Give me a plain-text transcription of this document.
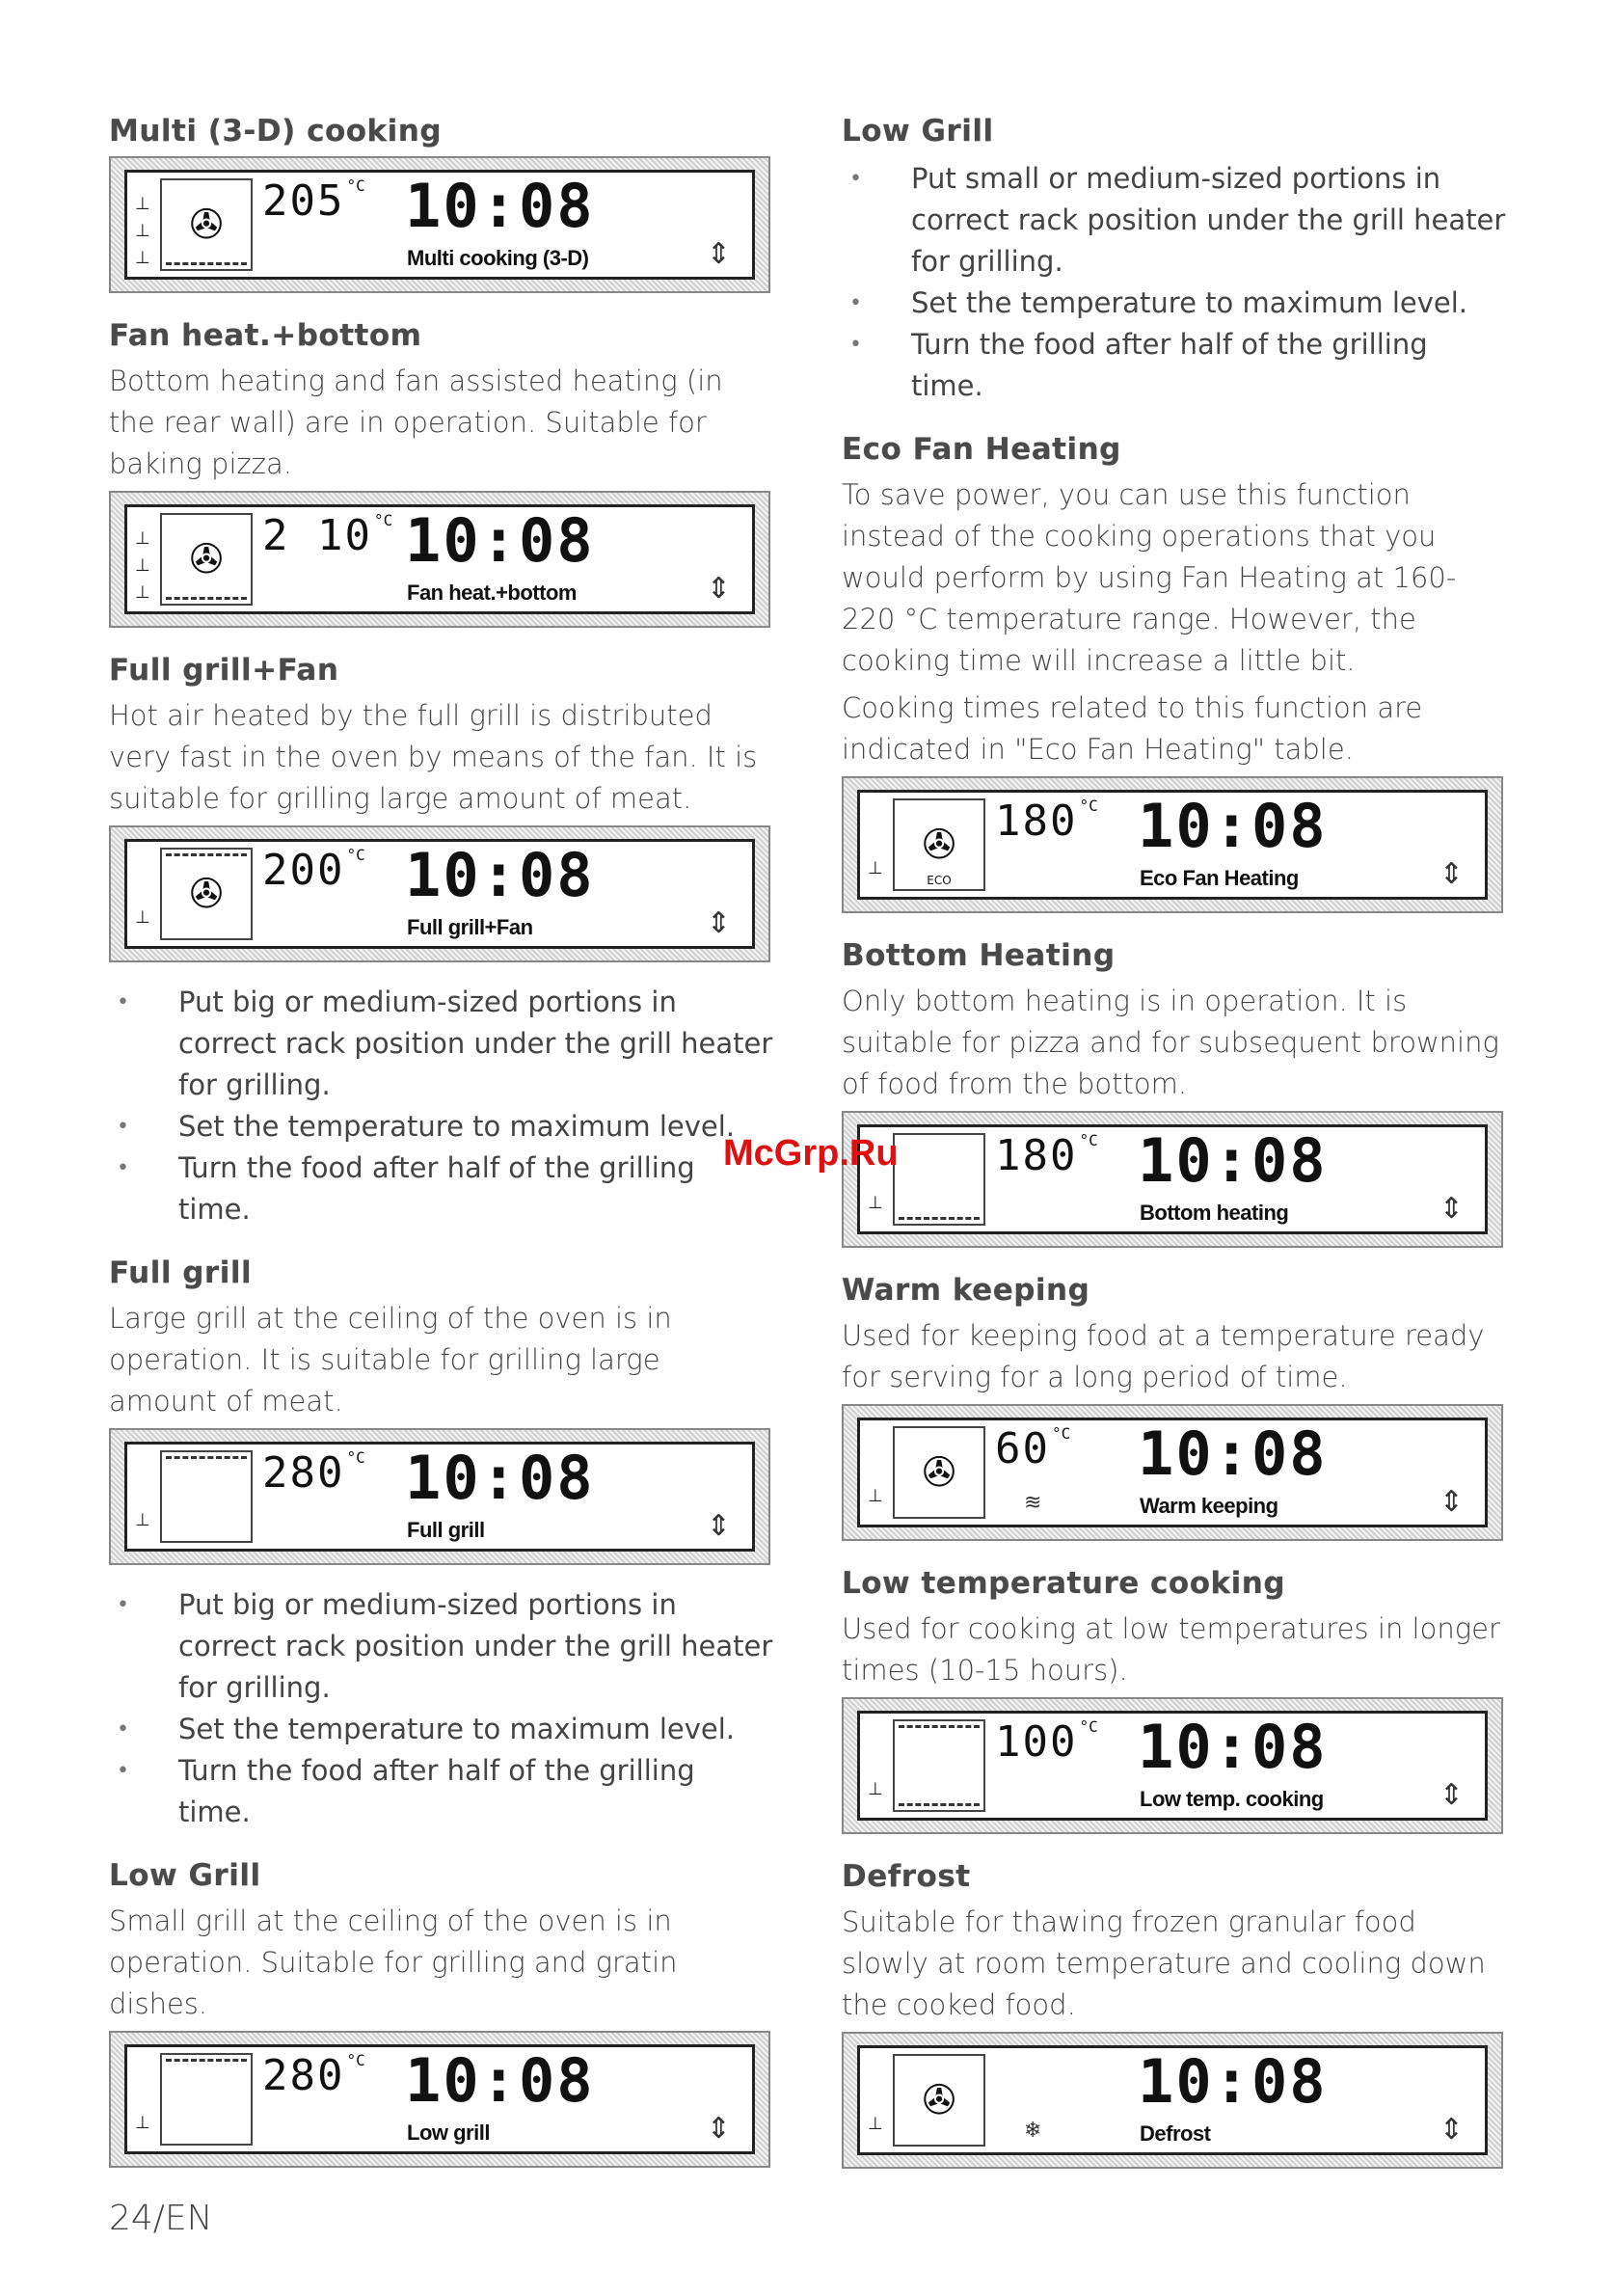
Multi (3-D) cooking
⊥
⊥
⊥
✇ 205 $^{^\circ C}$ 10:08
Multi cooking (3-D)	⇕
Fan heat.+bottom
Bottom heating and fan assisted heating (in the rear wall) are in operation. Suitable for baking pizza.
⊥
⊥
⊥
✇ 2 10 $^{^\circ C}$ 10:08
Fan heat.+bottom	⇕
Full grill+Fan
Hot air heated by the full grill is distributed very fast in the oven by means of the fan. It is suitable for grilling large amount of meat.
⊥
✇ 200 $^{^\circ C}$ 10:08
Full grill+Fan	⇕
• Put big or medium-sized portions in correct rack position under the grill heater for grilling.
• Set the temperature to maximum level.
• Turn the food after half of the grilling time.
Full grill
Large grill at the ceiling of the oven is in operation. It is suitable for grilling large amount of meat.
⊥
280 $^{^\circ C}$ 10:08
Full grill	⇕
• Put big or medium-sized portions in correct rack position under the grill heater for grilling.
• Set the temperature to maximum level.
• Turn the food after half of the grilling time.
Low Grill
Small grill at the ceiling of the oven is in operation. Suitable for grilling and gratin dishes.
⊥
280 $^{^\circ C}$ 10:08
Low grill	⇕
Low Grill
• Put small or medium-sized portions in correct rack position under the grill heater for grilling.
• Set the temperature to maximum level.
• Turn the food after half of the grilling time.
Eco Fan Heating
To save power, you can use this function instead of the cooking operations that you would perform by using Fan Heating at 160-220 °C temperature range. However, the cooking time will increase a little bit.
Cooking times related to this function are indicated in "Eco Fan Heating" table.
⊥
✇
ECO
180 $^{^\circ C}$ 10:08
Eco Fan Heating	⇕
Bottom Heating
Only bottom heating is in operation. It is suitable for pizza and for subsequent browning of food from the bottom.
⊥
180 $^{^\circ C}$ 10:08
Bottom heating	⇕
Warm keeping
Used for keeping food at a temperature ready for serving for a long period of time.
⊥
✇ 60 $^{^\circ C}$ 10:08
Warm keeping
≋	⇕
Low temperature cooking
Used for cooking at low temperatures in longer times (10-15 hours).
⊥
100 $^{^\circ C}$ 10:08
Low temp. cooking	⇕
Defrost
Suitable for thawing frozen granular food slowly at room temperature and cooling down the cooked food.
⊥
✇	10:08
Defrost
❄	⇕
McGrp.Ru
24/EN
